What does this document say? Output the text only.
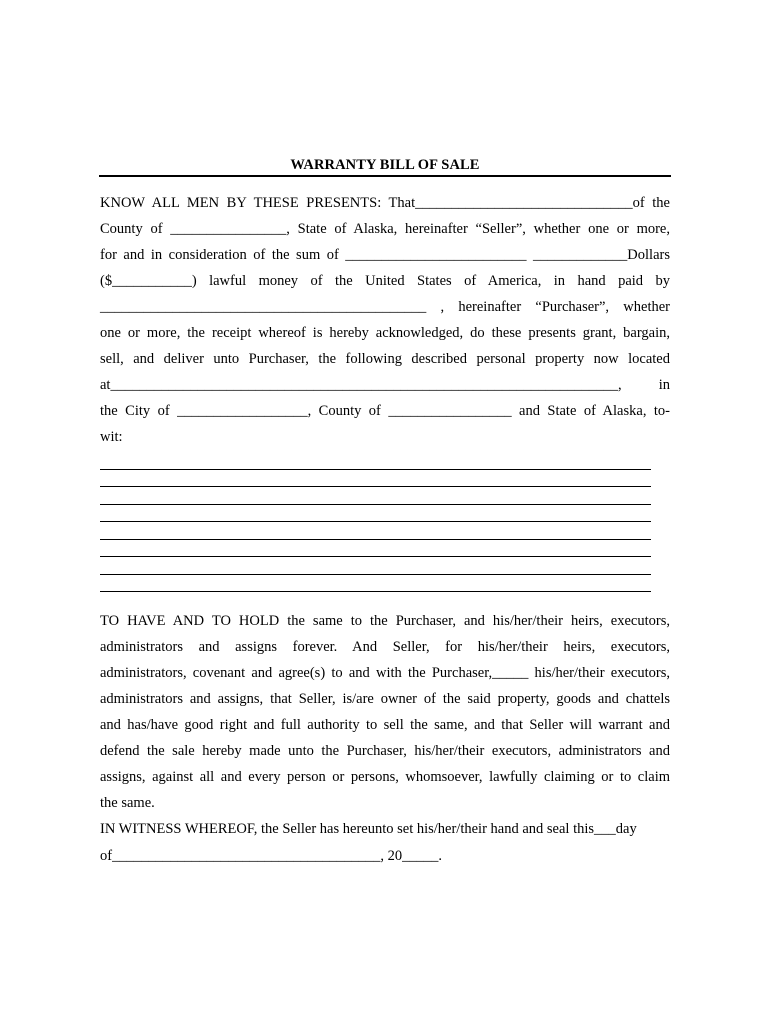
WARRANTY BILL OF SALE
KNOW ALL MEN BY THESE PRESENTS: That______________________________of the
County of ________________, State of Alaska, hereinafter “Seller”, whether one or more,
for and in consideration of the sum of _________________________ _____________Dollars
($___________) lawful money of the United States of America, in hand paid by
_____________________________________________ , hereinafter “Purchaser”, whether
one or more, the receipt whereof is hereby acknowledged, do these presents grant, bargain,
sell, and deliver unto Purchaser, the following described personal property now located
at______________________________________________________________________, in
the City of __________________, County of _________________ and State of Alaska, to-
wit:
TO HAVE AND TO HOLD the same to the Purchaser, and his/her/their heirs, executors,
administrators and assigns forever. And Seller, for his/her/their heirs, executors,
administrators, covenant and agree(s) to and with the Purchaser,_____ his/her/their executors,
administrators and assigns, that Seller, is/are owner of the said property, goods and chattels
and has/have good right and full authority to sell the same, and that Seller will warrant and
defend the sale hereby made unto the Purchaser, his/her/their executors, administrators and
assigns, against all and every person or persons, whomsoever, lawfully claiming or to claim
the same.
IN WITNESS WHEREOF, the Seller has hereunto set his/her/their hand and seal this___day
of_____________________________________, 20_____.
